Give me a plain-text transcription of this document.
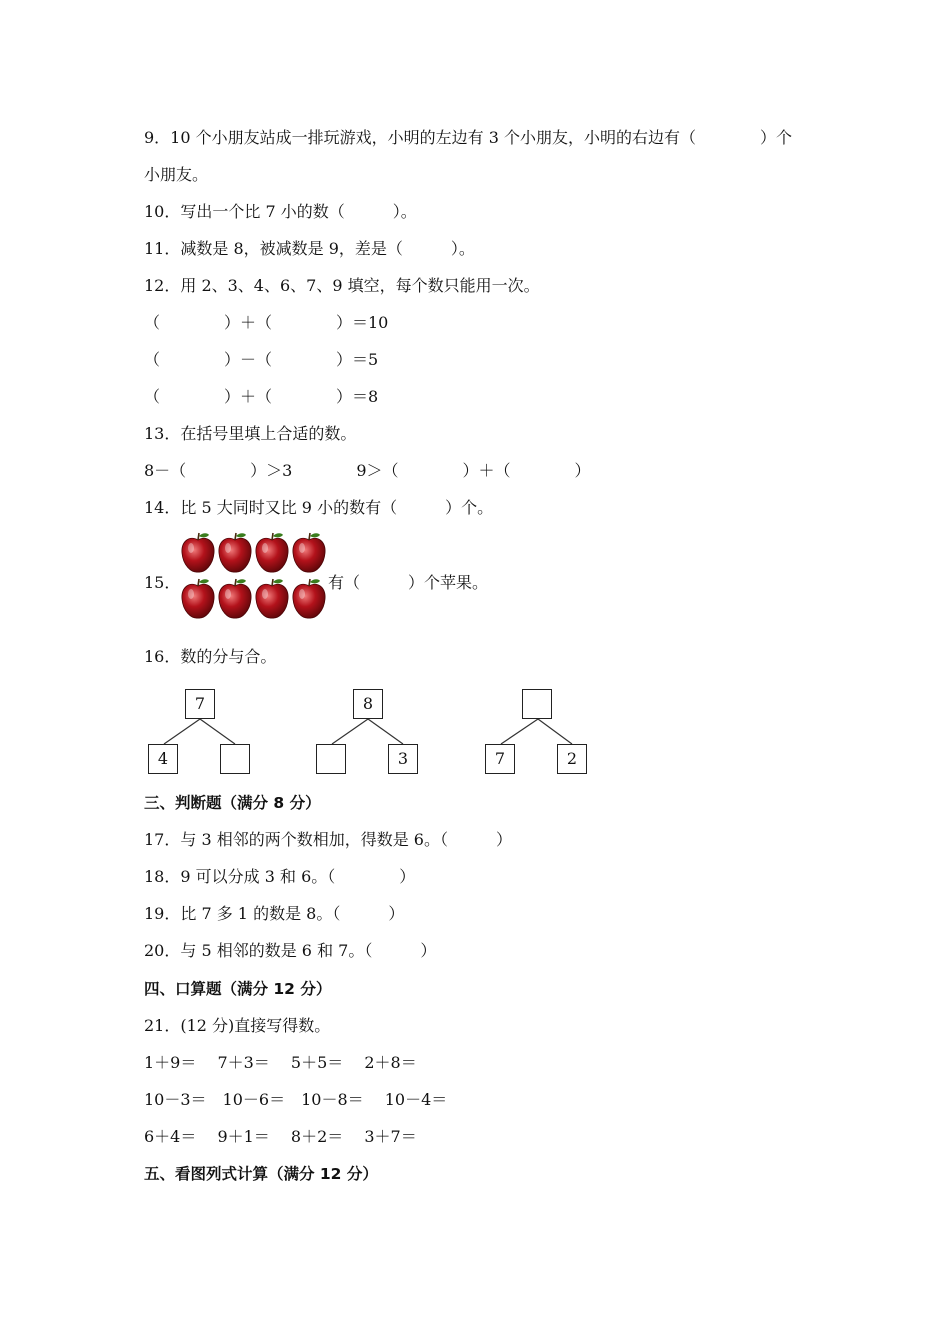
9．10 个小朋友站成一排玩游戏，小明的左边有 3 个小朋友，小明的右边有（　　　　）个
小朋友。
10．写出一个比 7 小的数（　　　）。
11．减数是 8，被减数是 9，差是（　　　）。
12．用 2、3、4、6、7、9 填空，每个数只能用一次。
（　　　　）＋（　　　　）＝10
（　　　　）－（　　　　）＝5
（　　　　）＋（　　　　）＝8
13．在括号里填上合适的数。
8－（　　　　）＞3　　　　9＞（　　　　）＋（　　　　）
14．比 5 大同时又比 9 小的数有（　　　）个。
15．	有（　　　）个苹果。
16．数的分与合。
7
4
8
3	7	2
三、判断题（满分 8 分）
17．与 3 相邻的两个数相加，得数是 6。（　　　）
18．9 可以分成 3 和 6。（　　　　）
19．比 7 多 1 的数是 8。（　　　）
20．与 5 相邻的数是 6 和 7。（　　　）
四、口算题（满分 12 分）
21．(12 分)直接写得数。
1＋9＝　 7＋3＝　 5＋5＝　 2＋8＝
10－3＝　10－6＝　10－8＝　 10－4＝
6＋4＝　 9＋1＝　 8＋2＝　 3＋7＝
五、看图列式计算（满分 12 分）
